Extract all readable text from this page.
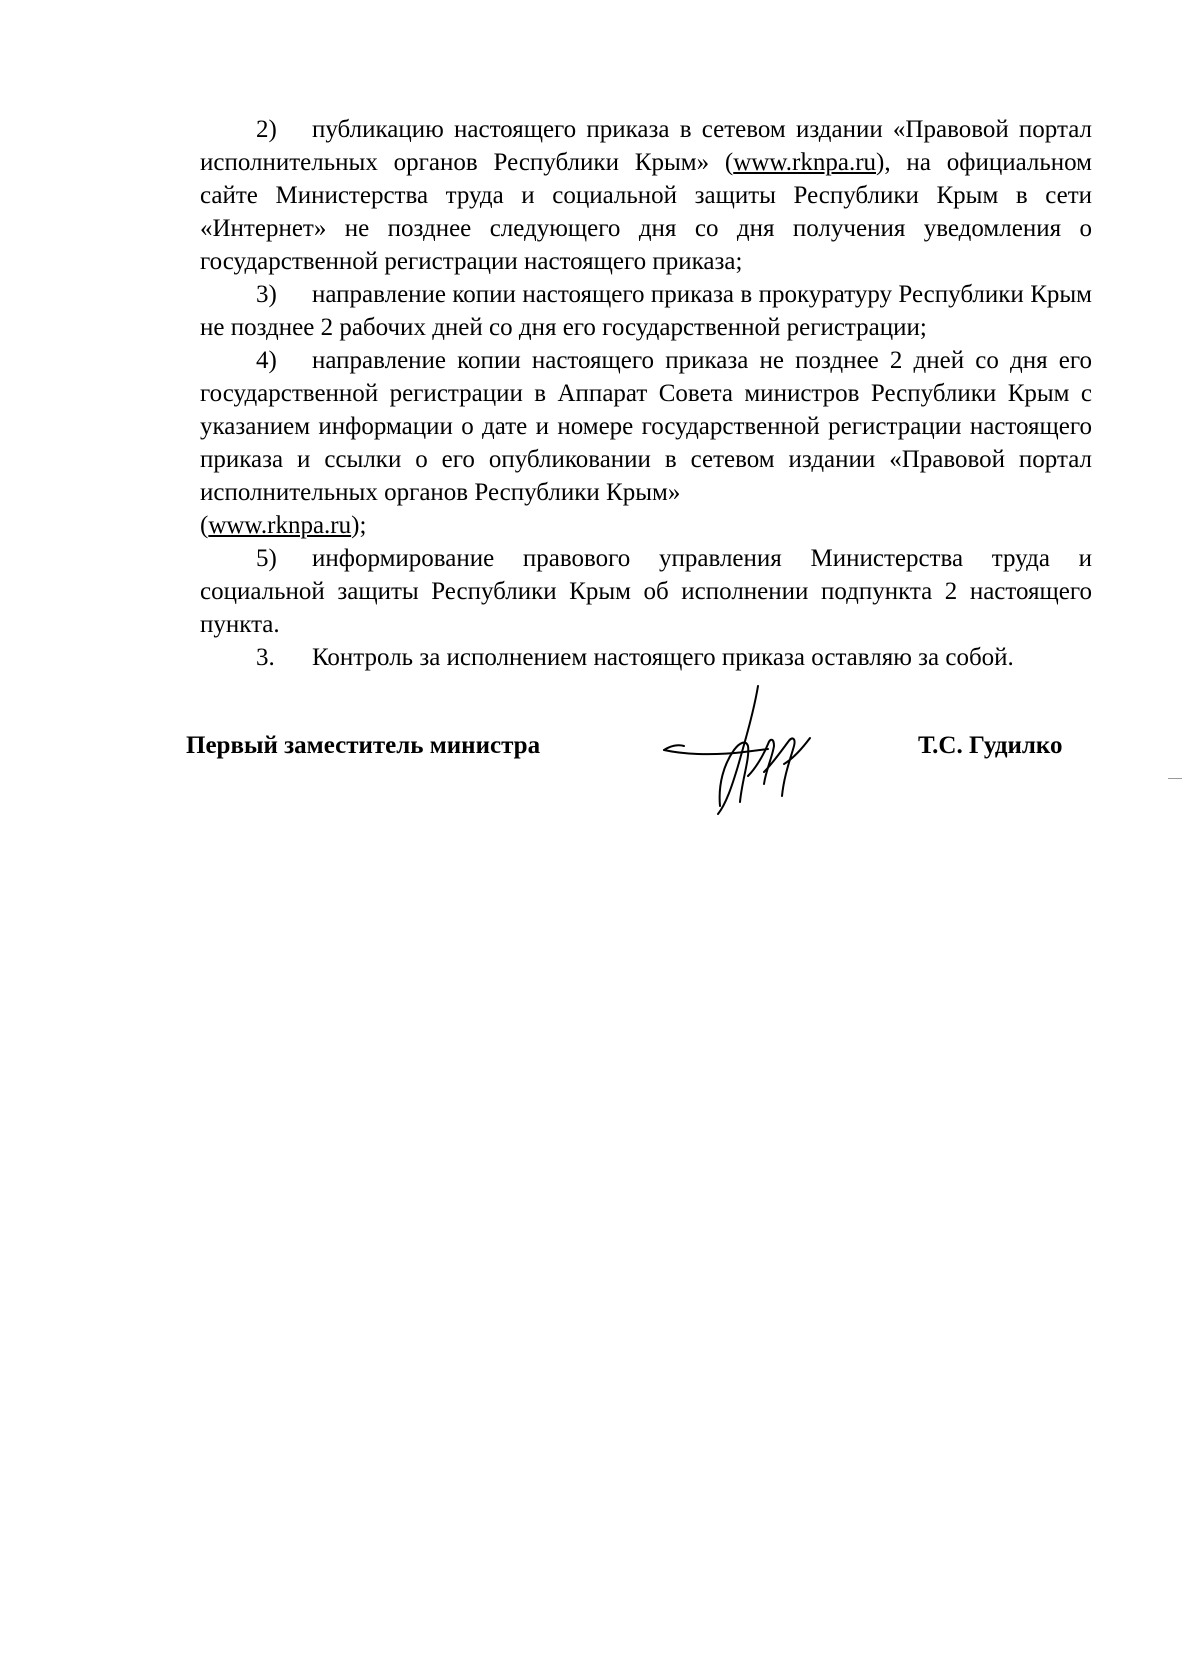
2) публикацию настоящего приказа в сетевом издании «Правовой портал исполнительных органов Республики Крым» (www.rknpa.ru), на официальном сайте Министерства труда и социальной защиты Республики Крым в сети «Интернет» не позднее следующего дня со дня получения уведомления о государственной регистрации настоящего приказа;

3) направление копии настоящего приказа в прокуратуру Республики Крым не позднее 2 рабочих дней со дня его государственной регистрации;

4) направление копии настоящего приказа не позднее 2 дней со дня его государственной регистрации в Аппарат Совета министров Республики Крым с указанием информации о дате и номере государственной регистрации настоящего приказа и ссылки о его опубликовании в сетевом издании «Правовой портал исполнительных органов Республики Крым»
(www.rknpa.ru);

5) информирование правового управления Министерства труда и социальной защиты Республики Крым об исполнении подпункта 2 настоящего пункта.

3. Контроль за исполнением настоящего приказа оставляю за собой.

Первый заместитель министра	Т.С. Гудилко
